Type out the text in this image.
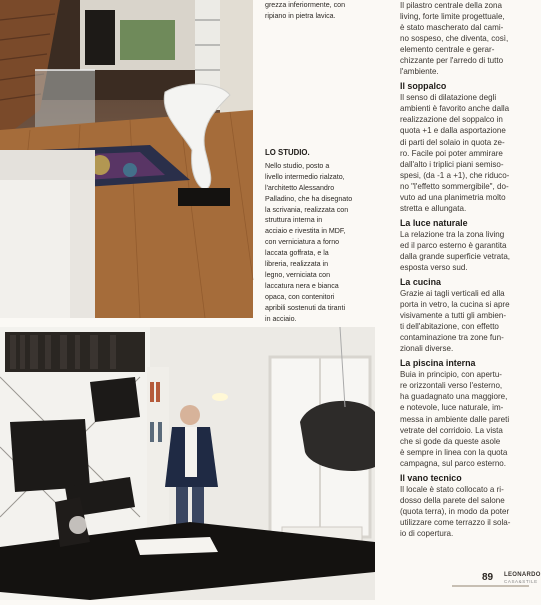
grezza inferiormente, con
ripiano in pietra lavica.
LO STUDIO.
Nello studio, posto a
livello intermedio rialzato,
l'architetto Alessandro
Palladino, che ha disegnato
la scrivania, realizzata con
struttura interna in
acciaio e rivestita in MDF,
con verniciatura a forno
laccata goffrata, e la
libreria, realizzata in
legno, verniciata con
laccatura nera e bianca
opaca, con contenitori
apribili sostenuti da tiranti
in acciaio.

Il pilastro centrale della zona

living, forte limite progettuale,

è stato mascherato dal cami-

no sospeso, che diventa, così,

elemento centrale e gerar-

chizzante per l'arredo di tutto

l'ambiente.

Il soppalco

Il senso di dilatazione degli

ambienti è favorito anche dalla

realizzazione del soppalco in

quota +1 e dalla asportazione

di parti del solaio in quota ze-

ro. Facile poi poter ammirare

dall'alto i triplici piani semiso-

spesi, (da -1 a +1), che riduco-

no "l'effetto sommergibile", do-

vuto ad una planimetria molto

stretta e allungata.

La luce naturale

La relazione tra la zona living

ed il parco esterno è garantita

dalla grande superficie vetrata,

esposta verso sud.

La cucina

Grazie ai tagli verticali ed alla

porta in vetro, la cucina si apre

visivamente a tutti gli ambien-

ti dell'abitazione, con effetto

contaminazione tra zone fun-

zionali diverse.

La piscina interna

Buia in principio, con apertu-

re orizzontali verso l'esterno,

ha guadagnato una maggiore,

e notevole, luce naturale, im-

messa in ambiente dalle pareti

vetrate del corridoio. La vista

che si gode da queste asole

è sempre in linea con la quota

campagna, sul parco esterno.

Il vano tecnico

Il locale è stato collocato a ri-

dosso della parete del salone

(quota terra), in modo da poter

utilizzare come terrazzo il sola-

io di copertura.

89 LEONARDO
CASA&STILE
